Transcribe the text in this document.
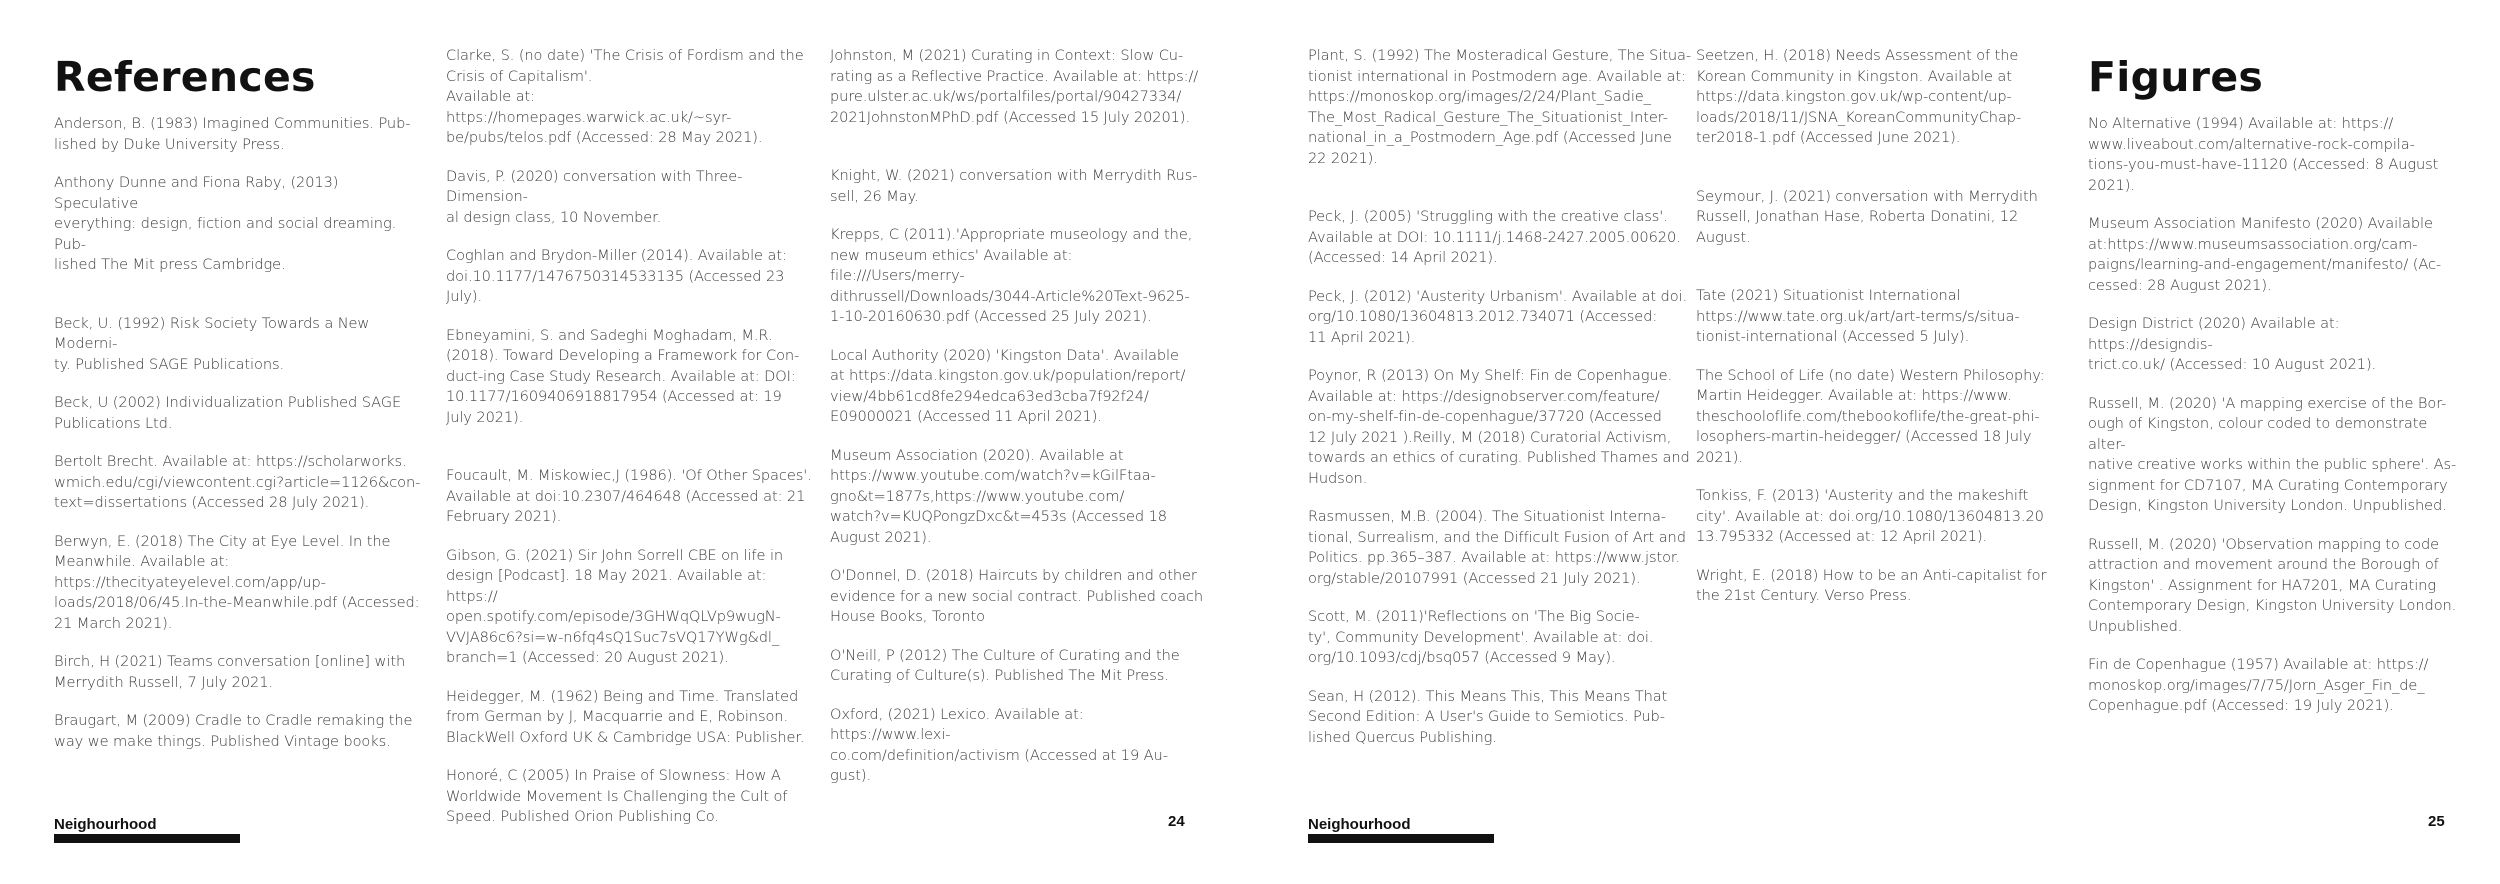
References

Anderson, B. (1983) Imagined Communities. Pub-
lished by Duke University Press.

Anthony Dunne and Fiona Raby, (2013) Speculative
everything: design, fiction and social dreaming. Pub-
lished The Mit press Cambridge.

Beck, U. (1992) Risk Society Towards a New Moderni-
ty. Published SAGE Publications.

Beck, U (2002) Individualization Published SAGE
Publications Ltd.

Bertolt Brecht. Available at: https://scholarworks.
wmich.edu/cgi/viewcontent.cgi?article=1126&con-
text=dissertations (Accessed 28 July 2021).

Berwyn, E. (2018) The City at Eye Level. In the
Meanwhile. Available at:
https://thecityateyelevel.com/app/up-
loads/2018/06/45.In-the-Meanwhile.pdf (Accessed:
21 March 2021).

Birch, H (2021) Teams conversation [online] with
Merrydith Russell, 7 July 2021.

Braugart, M (2009) Cradle to Cradle remaking the
way we make things. Published Vintage books.

Clarke, S. (no date) 'The Crisis of Fordism and the
Crisis of Capitalism'.
Available at: https://homepages.warwick.ac.uk/~syr-
be/pubs/telos.pdf (Accessed: 28 May 2021).

Davis, P. (2020) conversation with Three-Dimension-
al design class, 10 November.

Coghlan and Brydon-Miller (2014). Available at:
doi.10.1177/1476750314533135 (Accessed 23
July).

Ebneyamini, S. and Sadeghi Moghadam, M.R.
(2018). Toward Developing a Framework for Con-
duct-ing Case Study Research. Available at: DOI:
10.1177/1609406918817954 (Accessed at: 19
July 2021).

Foucault, M. Miskowiec,J (1986). 'Of Other Spaces'.
Available at doi:10.2307/464648 (Accessed at: 21
February 2021).

Gibson, G. (2021) Sir John Sorrell CBE on life in
design [Podcast]. 18 May 2021. Available at: https://
open.spotify.com/episode/3GHWqQLVp9wugN-
VVJA86c6?si=w-n6fq4sQ1Suc7sVQ17YWg&dl_
branch=1 (Accessed: 20 August 2021).

Heidegger, M. (1962) Being and Time. Translated
from German by J, Macquarrie and E, Robinson.
BlackWell Oxford UK & Cambridge USA: Publisher.

Honoré, C (2005) In Praise of Slowness: How A
Worldwide Movement Is Challenging the Cult of
Speed. Published Orion Publishing Co.

Johnston, M (2021) Curating in Context: Slow Cu-
rating as a Reflective Practice. Available at: https://
pure.ulster.ac.uk/ws/portalfiles/portal/90427334/
2021JohnstonMPhD.pdf (Accessed 15 July 20201).

Knight, W. (2021) conversation with Merrydith Rus-
sell, 26 May.

Krepps, C (2011).'Appropriate museology and the,
new museum ethics' Available at: file:///Users/merry-
dithrussell/Downloads/3044-Article%20Text-9625-
1-10-20160630.pdf (Accessed 25 July 2021).

Local Authority (2020) 'Kingston Data'. Available
at https://data.kingston.gov.uk/population/report/
view/4bb61cd8fe294edca63ed3cba7f92f24/
E09000021 (Accessed 11 April 2021).

Museum Association (2020). Available at
https://www.youtube.com/watch?v=kGilFtaa-
gno&t=1877s,https://www.youtube.com/
watch?v=KUQPongzDxc&t=453s (Accessed 18
August 2021).

O'Donnel, D. (2018) Haircuts by children and other
evidence for a new social contract. Published coach
House Books, Toronto

O'Neill, P (2012) The Culture of Curating and the
Curating of Culture(s). Published The Mit Press.

Oxford, (2021) Lexico. Available at: https://www.lexi-
co.com/definition/activism (Accessed at 19 Au-gust).

Neighourhood	24

Plant, S. (1992) The Mosteradical Gesture, The Situa-
tionist international in Postmodern age. Available at:
https://monoskop.org/images/2/24/Plant_Sadie_
The_Most_Radical_Gesture_The_Situationist_Inter-
national_in_a_Postmodern_Age.pdf (Accessed June
22 2021).

Peck, J. (2005) 'Struggling with the creative class'.
Available at DOI: 10.1111/j.1468-2427.2005.00620.
(Accessed: 14 April 2021).

Peck, J. (2012) 'Austerity Urbanism'. Available at doi.
org/10.1080/13604813.2012.734071 (Accessed:
11 April 2021).

Poynor, R (2013) On My Shelf: Fin de Copenhague.
Available at: https://designobserver.com/feature/
on-my-shelf-fin-de-copenhague/37720 (Accessed
12 July 2021 ).Reilly, M (2018) Curatorial Activism,
towards an ethics of curating. Published Thames and
Hudson.

Rasmussen, M.B. (2004). The Situationist Interna-
tional, Surrealism, and the Difficult Fusion of Art and
Politics. pp.365–387. Available at: https://www.jstor.
org/stable/20107991 (Accessed 21 July 2021).

Scott, M. (2011)'Reflections on 'The Big Socie-
ty', Community Development'. Available at: doi.
org/10.1093/cdj/bsq057 (Accessed 9 May).

Sean, H (2012). This Means This, This Means That
Second Edition: A User's Guide to Semiotics. Pub-
lished Quercus Publishing.

Seetzen, H. (2018) Needs Assessment of the
Korean Community in Kingston. Available at
https://data.kingston.gov.uk/wp-content/up-
loads/2018/11/JSNA_KoreanCommunityChap-
ter2018-1.pdf (Accessed June 2021).

Seymour, J. (2021) conversation with Merrydith
Russell, Jonathan Hase, Roberta Donatini, 12
August.

Tate (2021) Situationist International
https://www.tate.org.uk/art/art-terms/s/situa-
tionist-international (Accessed 5 July).

The School of Life (no date) Western Philosophy:
Martin Heidegger. Available at: https://www.
theschooloflife.com/thebookoflife/the-great-phi-
losophers-martin-heidegger/ (Accessed 18 July
2021).

Tonkiss, F. (2013) 'Austerity and the makeshift
city'. Available at: doi.org/10.1080/13604813.20
13.795332 (Accessed at: 12 April 2021).

Wright, E. (2018) How to be an Anti-capitalist for
the 21st Century. Verso Press.

Figures

No Alternative (1994) Available at: https://
www.liveabout.com/alternative-rock-compila-
tions-you-must-have-11120 (Accessed: 8 August
2021).

Museum Association Manifesto (2020) Available
at:https://www.museumsassociation.org/cam-
paigns/learning-and-engagement/manifesto/ (Ac-
cessed: 28 August 2021).

Design District (2020) Available at: https://designdis-
trict.co.uk/ (Accessed: 10 August 2021).

Russell, M. (2020) 'A mapping exercise of the Bor-
ough of Kingston, colour coded to demonstrate alter-
native creative works within the public sphere'. As-
signment for CD7107, MA Curating Contemporary
Design, Kingston University London. Unpublished.

Russell, M. (2020) 'Observation mapping to code
attraction and movement around the Borough of
Kingston' . Assignment for HA7201, MA Curating
Contemporary Design, Kingston University London.
Unpublished.

Fin de Copenhague (1957) Available at: https://
monoskop.org/images/7/75/Jorn_Asger_Fin_de_
Copenhague.pdf (Accessed: 19 July 2021).

Neighourhood	25
